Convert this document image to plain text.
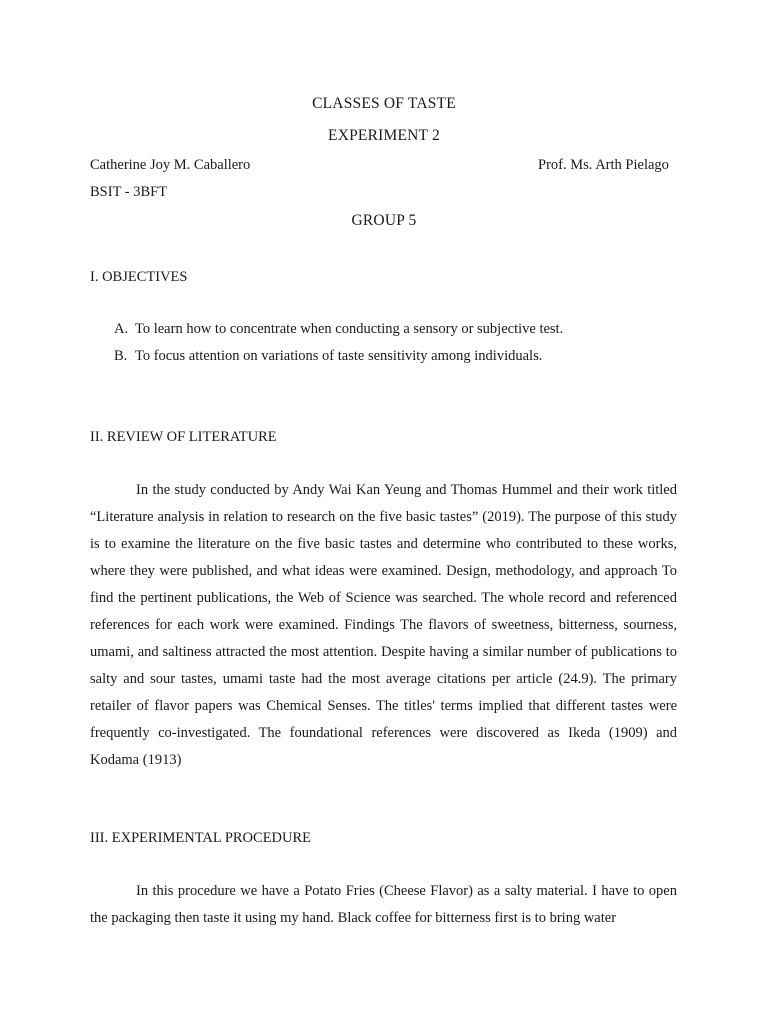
CLASSES OF TASTE
EXPERIMENT 2
Catherine Joy M. Caballero	Prof. Ms. Arth Pielago
BSIT - 3BFT
GROUP 5
I. OBJECTIVES
A. To learn how to concentrate when conducting a sensory or subjective test.
B. To focus attention on variations of taste sensitivity among individuals.
II. REVIEW OF LITERATURE
In the study conducted by Andy Wai Kan Yeung and Thomas Hummel and their work titled “Literature analysis in relation to research on the five basic tastes” (2019). The purpose of this study is to examine the literature on the five basic tastes and determine who contributed to these works, where they were published, and what ideas were examined. Design, methodology, and approach To find the pertinent publications, the Web of Science was searched. The whole record and referenced references for each work were examined. Findings The flavors of sweetness, bitterness, sourness, umami, and saltiness attracted the most attention. Despite having a similar number of publications to salty and sour tastes, umami taste had the most average citations per article (24.9). The primary retailer of flavor papers was Chemical Senses. The titles' terms implied that different tastes were frequently co-investigated. The foundational references were discovered as Ikeda (1909) and Kodama (1913)
III. EXPERIMENTAL PROCEDURE
In this procedure we have a Potato Fries (Cheese Flavor) as a salty material. I have to open the packaging then taste it using my hand. Black coffee for bitterness first is to bring water
